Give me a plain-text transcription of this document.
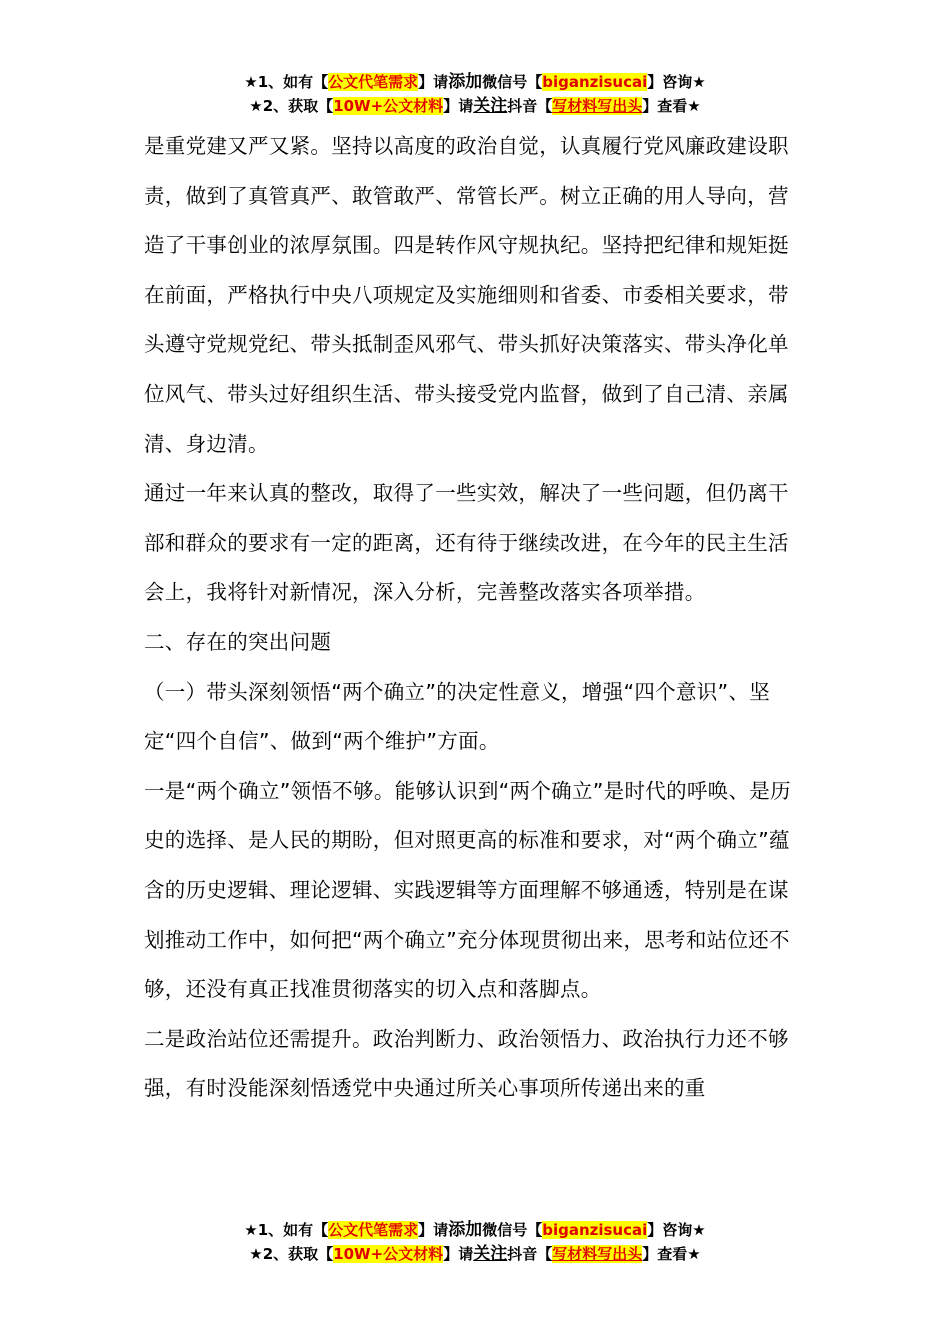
★1、如有【公文代笔需求】请添加微信号【biganzisucai】咨询★
★2、获取【10W+公文材料】请关注抖音【写材料写出头】查看★

是重党建又严又紧。坚持以高度的政治自觉，认真履行党风廉政建设职责，做到了真管真严、敢管敢严、常管长严。树立正确的用人导向，营造了干事创业的浓厚氛围。四是转作风守规执纪。坚持把纪律和规矩挺在前面，严格执行中央八项规定及实施细则和省委、市委相关要求，带头遵守党规党纪、带头抵制歪风邪气、带头抓好决策落实、带头净化单位风气、带头过好组织生活、带头接受党内监督，做到了自己清、亲属清、身边清。

通过一年来认真的整改，取得了一些实效，解决了一些问题，但仍离干部和群众的要求有一定的距离，还有待于继续改进，在今年的民主生活会上，我将针对新情况，深入分析，完善整改落实各项举措。

二、存在的突出问题

（一）带头深刻领悟“两个确立”的决定性意义，增强“四个意识”、坚定“四个自信”、做到“两个维护”方面。

一是“两个确立”领悟不够。能够认识到“两个确立”是时代的呼唤、是历史的选择、是人民的期盼，但对照更高的标准和要求，对“两个确立”蕴含的历史逻辑、理论逻辑、实践逻辑等方面理解不够通透，特别是在谋划推动工作中，如何把“两个确立”充分体现贯彻出来，思考和站位还不够，还没有真正找准贯彻落实的切入点和落脚点。

二是政治站位还需提升。政治判断力、政治领悟力、政治执行力还不够强，有时没能深刻悟透党中央通过所关心事项所传递出来的重

★1、如有【公文代笔需求】请添加微信号【biganzisucai】咨询★
★2、获取【10W+公文材料】请关注抖音【写材料写出头】查看★
